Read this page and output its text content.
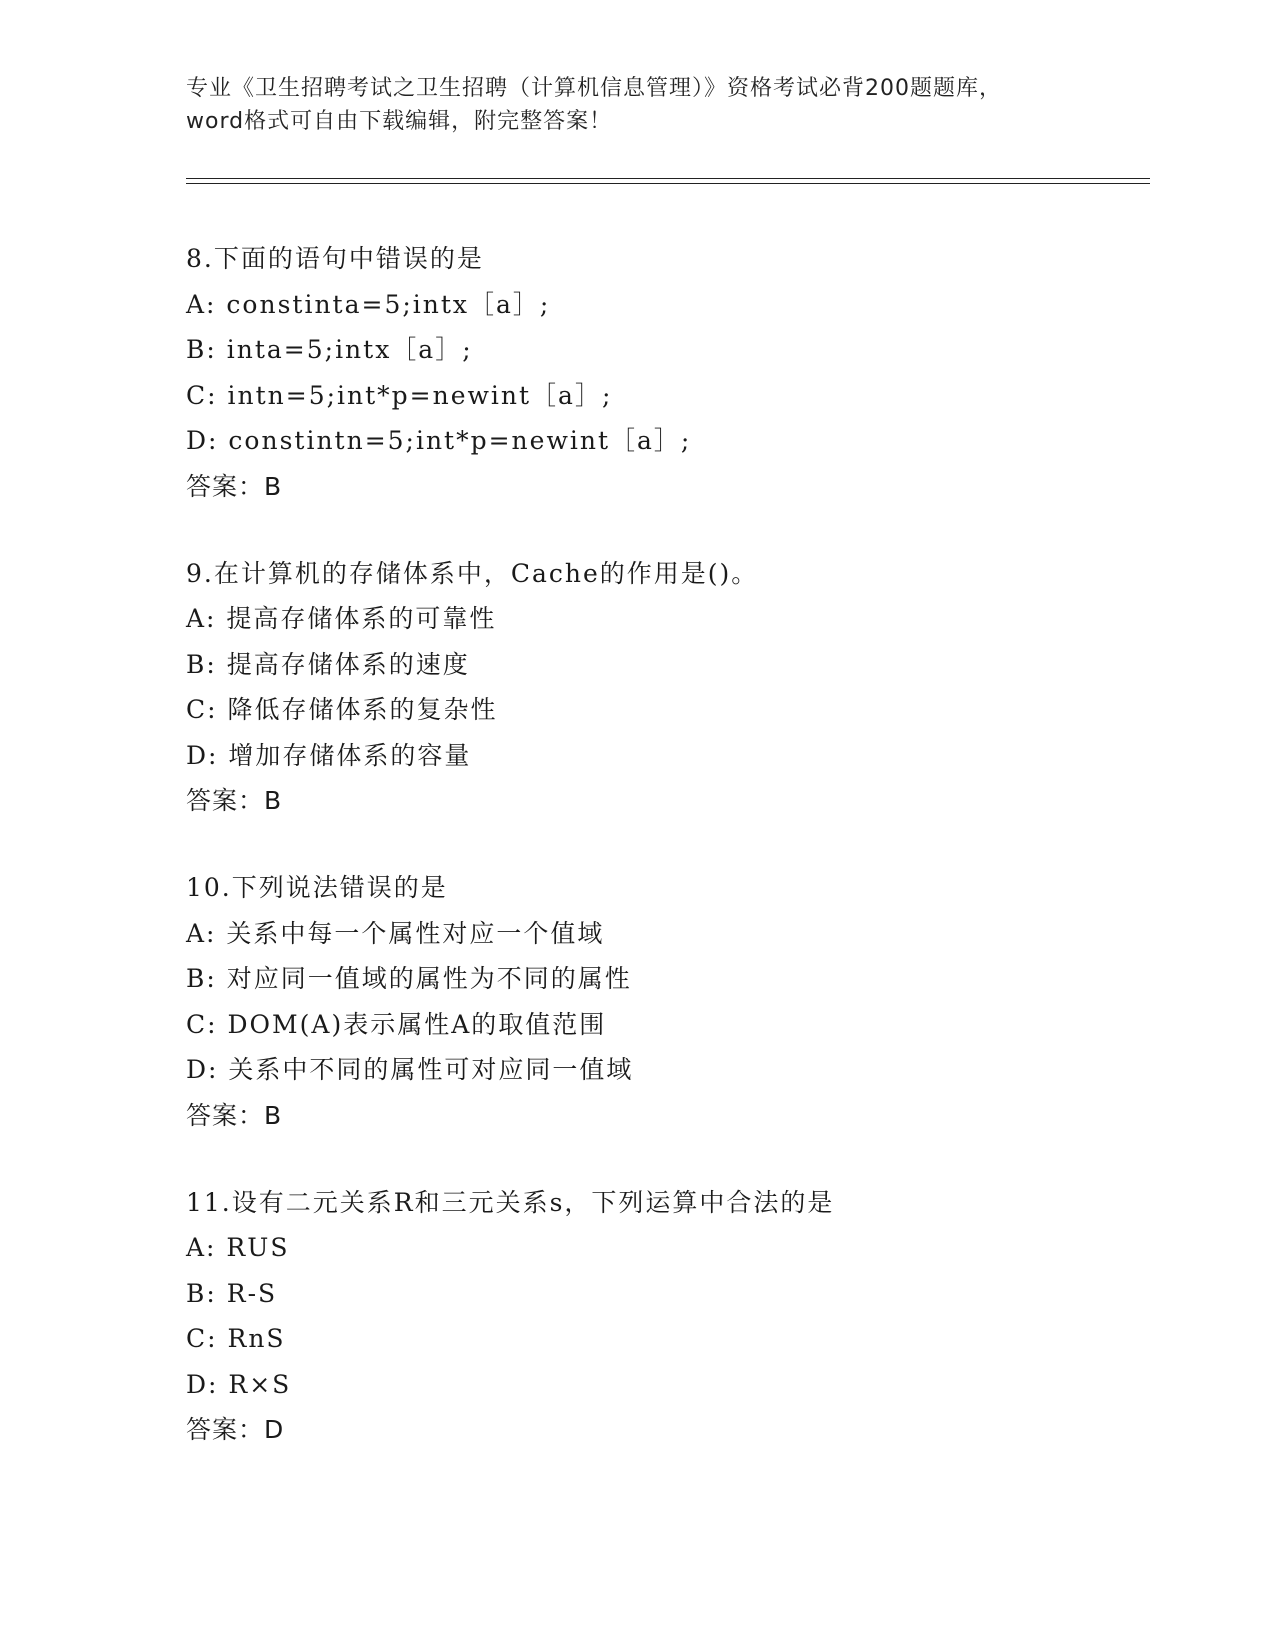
专业《卫生招聘考试之卫生招聘（计算机信息管理）》资格考试必背200题题库，
word格式可自由下载编辑，附完整答案！
8.下面的语句中错误的是
A: constinta=5;intx［a］;
B: inta=5;intx［a］;
C: intn=5;int*p=newint［a］;
D: constintn=5;int*p=newint［a］;
答案：B
9.在计算机的存储体系中，Cache的作用是()。
A: 提高存储体系的可靠性
B: 提高存储体系的速度
C: 降低存储体系的复杂性
D: 增加存储体系的容量
答案：B
10.下列说法错误的是
A: 关系中每一个属性对应一个值域
B: 对应同一值域的属性为不同的属性
C: DOM(A)表示属性A的取值范围
D: 关系中不同的属性可对应同一值域
答案：B
11.设有二元关系R和三元关系s，下列运算中合法的是
A: RUS
B: R-S
C: RnS
D: R×S
答案：D
